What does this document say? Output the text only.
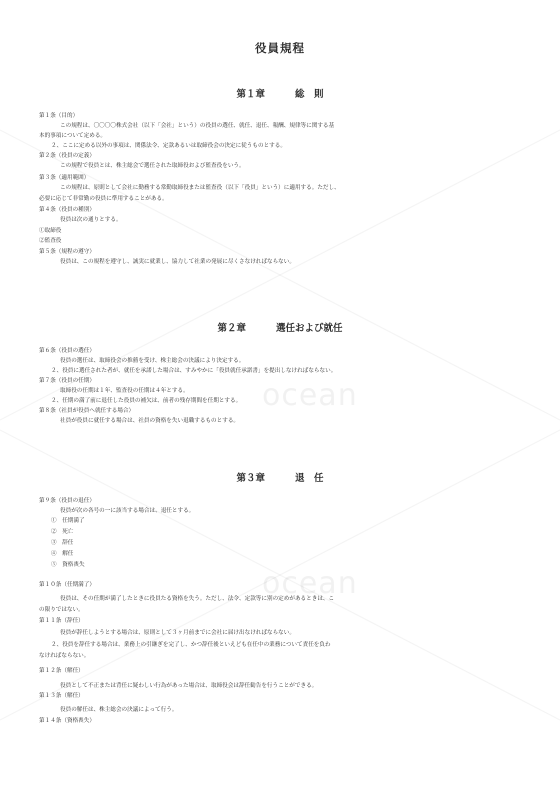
役員規程
第１章	総　則
第１条（目的）
この規程は、〇〇〇〇株式会社（以下「会社」という）の役員の選任、就任、退任、報酬、規律等に関する基
本的事項について定める。
２、ここに定める以外の事項は、関係法令、定款あるいは取締役会の決定に従うものとする。
第２条（役員の定義）
この規程で役員とは、株主総会で選任された取締役および監査役をいう。
第３条（適用範囲）
この規程は、原則として会社に勤務する常勤取締役または監査役（以下「役員」という）に適用する。ただし、
必要に応じて非常勤の役員に準用することがある。
第４条（役員の種別）
役員は次の通りとする。
①取締役
②監査役
第５条（規程の遵守）
役員は、この規程を遵守し、誠実に就業し、協力して社業の発展に尽くさなければならない。
第２章	選任および就任
第６条（役員の選任）
役員の選任は、取締役会の推薦を受け、株主総会の決議により決定する。
２、役員に選任された者が、就任を承諾した場合は、すみやかに「役員就任承諾書」を提出しなければならない。
第７条（役員の任期）
取締役の任期は１年、監査役の任期は４年とする。
２、任期の満了前に退任した役員の補欠は、前者の残存期間を任期とする。
第８条（社員が役員へ就任する場合）
社員が役員に就任する場合は、社員の資格を失い退職するものとする。
第３章	退　任
第９条（役員の退任）
役員が次の各号の一に該当する場合は、退任とする。
①　任期満了
②　死亡
③　辞任
④　解任
⑤　資格喪失
第１０条（任期満了）
役員は、その任期が満了したときに役員たる資格を失う。ただし、法令、定款等に別の定めがあるときは、こ
の限りではない。
第１１条（辞任）
役員が辞任しようとする場合は、原則として３ヶ月前までに会社に届け出なければならない。
２、役員を辞任する場合は、業務上の引継ぎを完了し、かつ辞任後といえども在任中の業務について責任を負わ
なければならない。
第１２条（解任）
役員として不正または背任に疑わしい行為があった場合は、取締役会は辞任勧告を行うことができる。
第１３条（解任）
役員の解任は、株主総会の決議によって行う。
第１４条（資格喪失）
ocean
ocean
